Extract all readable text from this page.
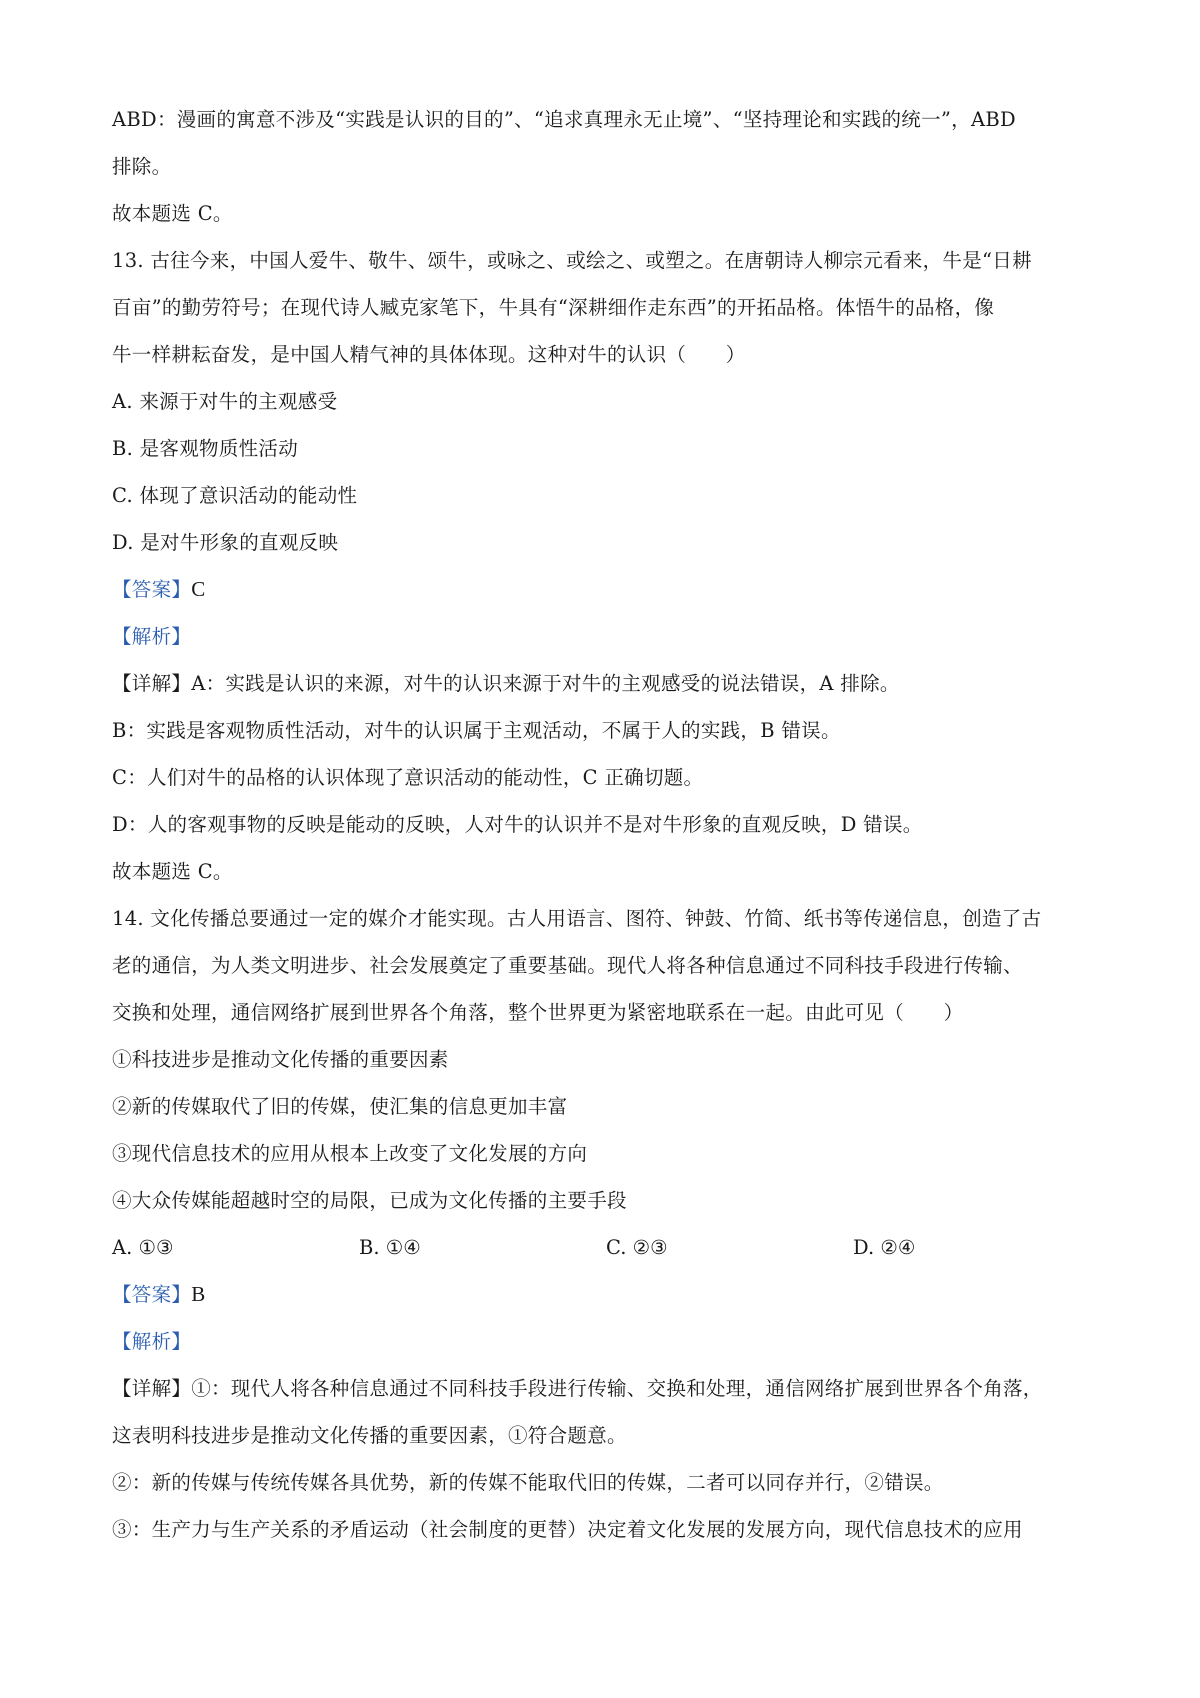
ABD：漫画的寓意不涉及“实践是认识的目的”、“追求真理永无止境”、“坚持理论和实践的统一”，ABD
排除。
故本题选 C。
13. 古往今来，中国人爱牛、敬牛、颂牛，或咏之、或绘之、或塑之。在唐朝诗人柳宗元看来，牛是“日耕
百亩”的勤劳符号；在现代诗人臧克家笔下，牛具有“深耕细作走东西”的开拓品格。体悟牛的品格，像
牛一样耕耘奋发，是中国人精气神的具体体现。这种对牛的认识（　　）
A. 来源于对牛的主观感受
B. 是客观物质性活动
C. 体现了意识活动的能动性
D. 是对牛形象的直观反映
【答案】C
【解析】
【详解】A：实践是认识的来源，对牛的认识来源于对牛的主观感受的说法错误，A 排除。
B：实践是客观物质性活动，对牛的认识属于主观活动，不属于人的实践，B 错误。
C：人们对牛的品格的认识体现了意识活动的能动性，C 正确切题。
D：人的客观事物的反映是能动的反映，人对牛的认识并不是对牛形象的直观反映，D 错误。
故本题选 C。
14. 文化传播总要通过一定的媒介才能实现。古人用语言、图符、钟鼓、竹简、纸书等传递信息，创造了古
老的通信，为人类文明进步、社会发展奠定了重要基础。现代人将各种信息通过不同科技手段进行传输、
交换和处理，通信网络扩展到世界各个角落，整个世界更为紧密地联系在一起。由此可见（　　）
①科技进步是推动文化传播的重要因素
②新的传媒取代了旧的传媒，使汇集的信息更加丰富
③现代信息技术的应用从根本上改变了文化发展的方向
④大众传媒能超越时空的局限，已成为文化传播的主要手段
A. ①③	B. ①④	C. ②③	D. ②④
【答案】B
【解析】
【详解】①：现代人将各种信息通过不同科技手段进行传输、交换和处理，通信网络扩展到世界各个角落，
这表明科技进步是推动文化传播的重要因素，①符合题意。
②：新的传媒与传统传媒各具优势，新的传媒不能取代旧的传媒，二者可以同存并行，②错误。
③：生产力与生产关系的矛盾运动（社会制度的更替）决定着文化发展的发展方向，现代信息技术的应用
